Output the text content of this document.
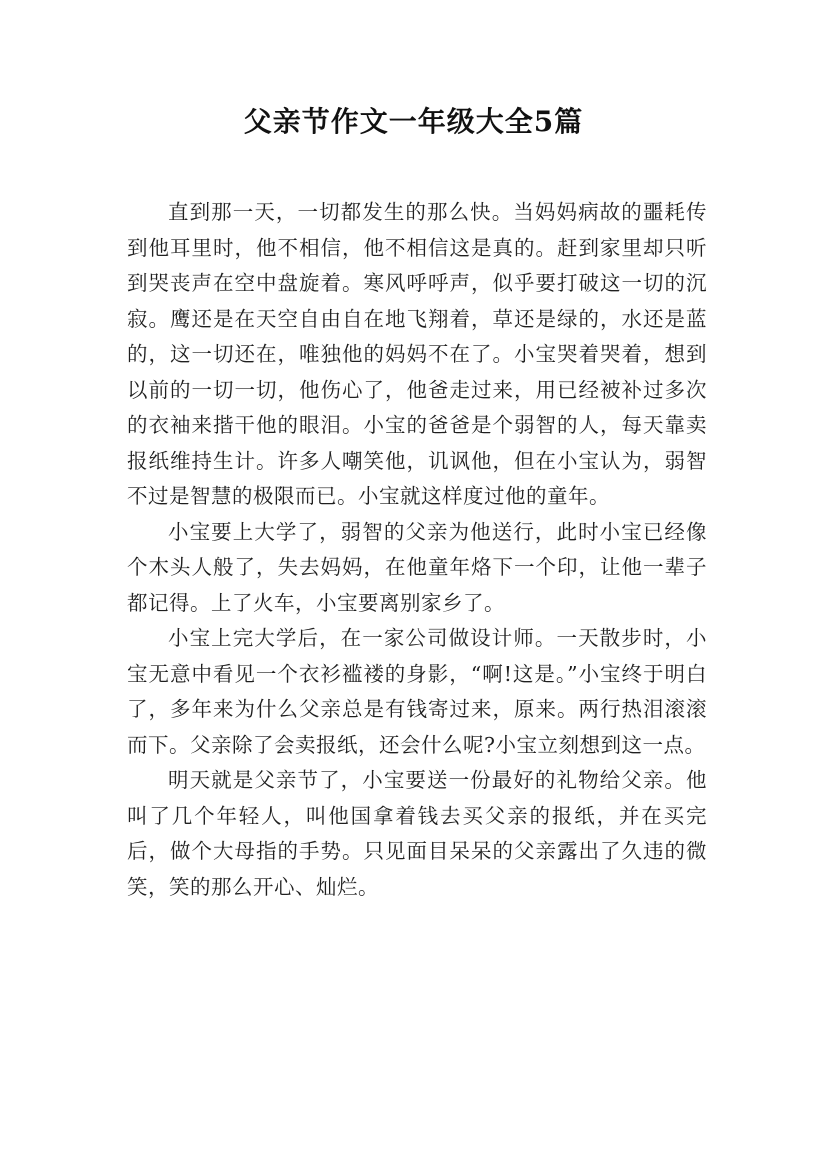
父亲节作文一年级大全5篇

直到那一天，一切都发生的那么快。当妈妈病故的噩耗传到他耳里时，他不相信，他不相信这是真的。赶到家里却只听到哭丧声在空中盘旋着。寒风呼呼声，似乎要打破这一切的沉寂。鹰还是在天空自由自在地飞翔着，草还是绿的，水还是蓝的，这一切还在，唯独他的妈妈不在了。小宝哭着哭着，想到以前的一切一切，他伤心了，他爸走过来，用已经被补过多次的衣袖来揩干他的眼泪。小宝的爸爸是个弱智的人，每天靠卖报纸维持生计。许多人嘲笑他，讥讽他，但在小宝认为，弱智不过是智慧的极限而已。小宝就这样度过他的童年。

小宝要上大学了，弱智的父亲为他送行，此时小宝已经像个木头人般了，失去妈妈，在他童年烙下一个印，让他一辈子都记得。上了火车，小宝要离别家乡了。

小宝上完大学后，在一家公司做设计师。一天散步时，小宝无意中看见一个衣衫褴褛的身影，“啊!这是。”小宝终于明白了，多年来为什么父亲总是有钱寄过来，原来。两行热泪滚滚而下。父亲除了会卖报纸，还会什么呢?小宝立刻想到这一点。

明天就是父亲节了，小宝要送一份最好的礼物给父亲。他叫了几个年轻人，叫他国拿着钱去买父亲的报纸，并在买完后，做个大母指的手势。只见面目呆呆的父亲露出了久违的微笑，笑的那么开心、灿烂。
